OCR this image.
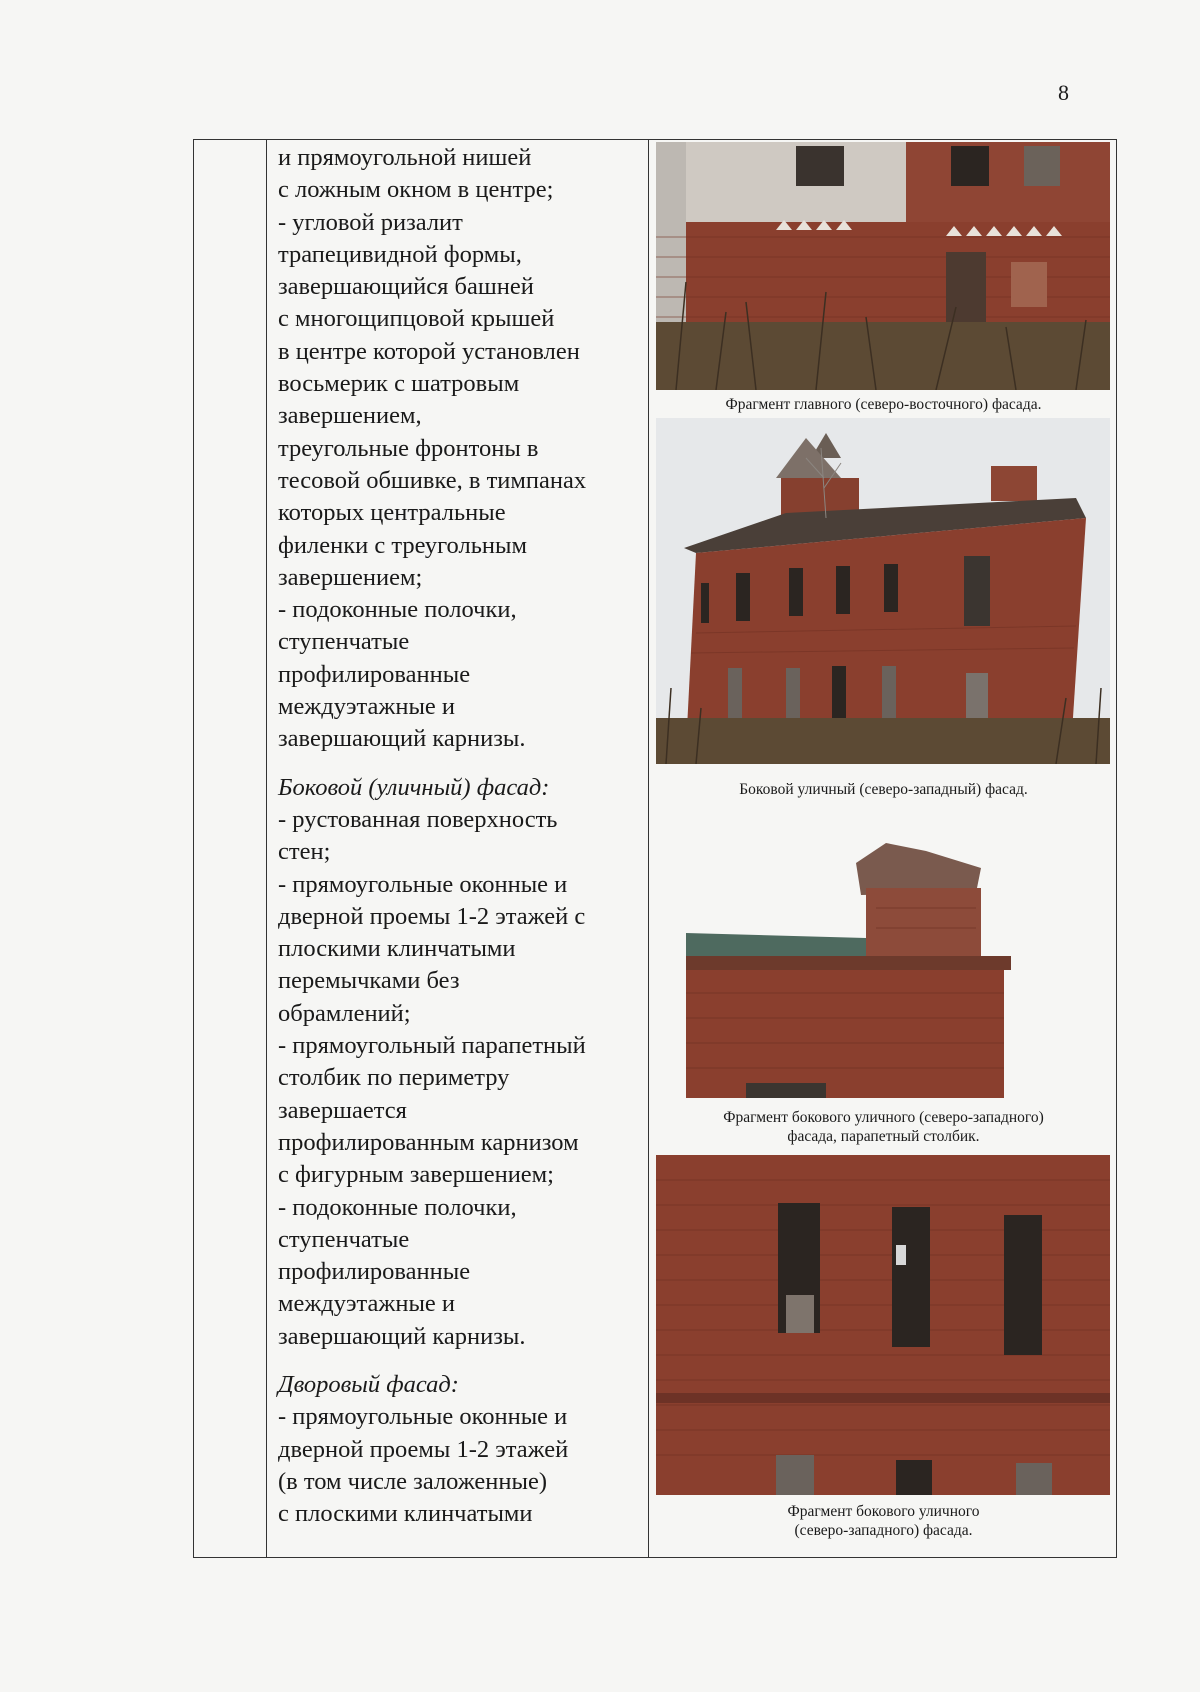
8
и прямоугольной нишей
с ложным окном в центре;
- угловой ризалит
трапецивидной формы,
завершающийся башней
с многощипцовой крышей
в центре которой установлен
восьмерик с шатровым
завершением,
треугольные фронтоны в
тесовой обшивке, в тимпанах
которых центральные
филенки с треугольным
завершением;
- подоконные полочки,
ступенчатые
профилированные
междуэтажные и
завершающий карнизы.
Боковой (уличный) фасад:
- рустованная поверхность
стен;
- прямоугольные оконные и
дверной проемы 1-2 этажей с
плоскими клинчатыми
перемычками без
обрамлений;
- прямоугольный парапетный
столбик по периметру
завершается
профилированным карнизом
с фигурным завершением;
- подоконные полочки,
ступенчатые
профилированные
междуэтажные и
завершающий карнизы.
Дворовый фасад:
- прямоугольные оконные и
дверной проемы 1-2 этажей
(в том числе заложенные)
с плоскими клинчатыми
Фрагмент главного (северо-восточного) фасада.
Боковой уличный (северо-западный) фасад.
Фрагмент бокового уличного (северо-западного)
фасада, парапетный столбик.
Фрагмент бокового уличного
(северо-западного) фасада.
